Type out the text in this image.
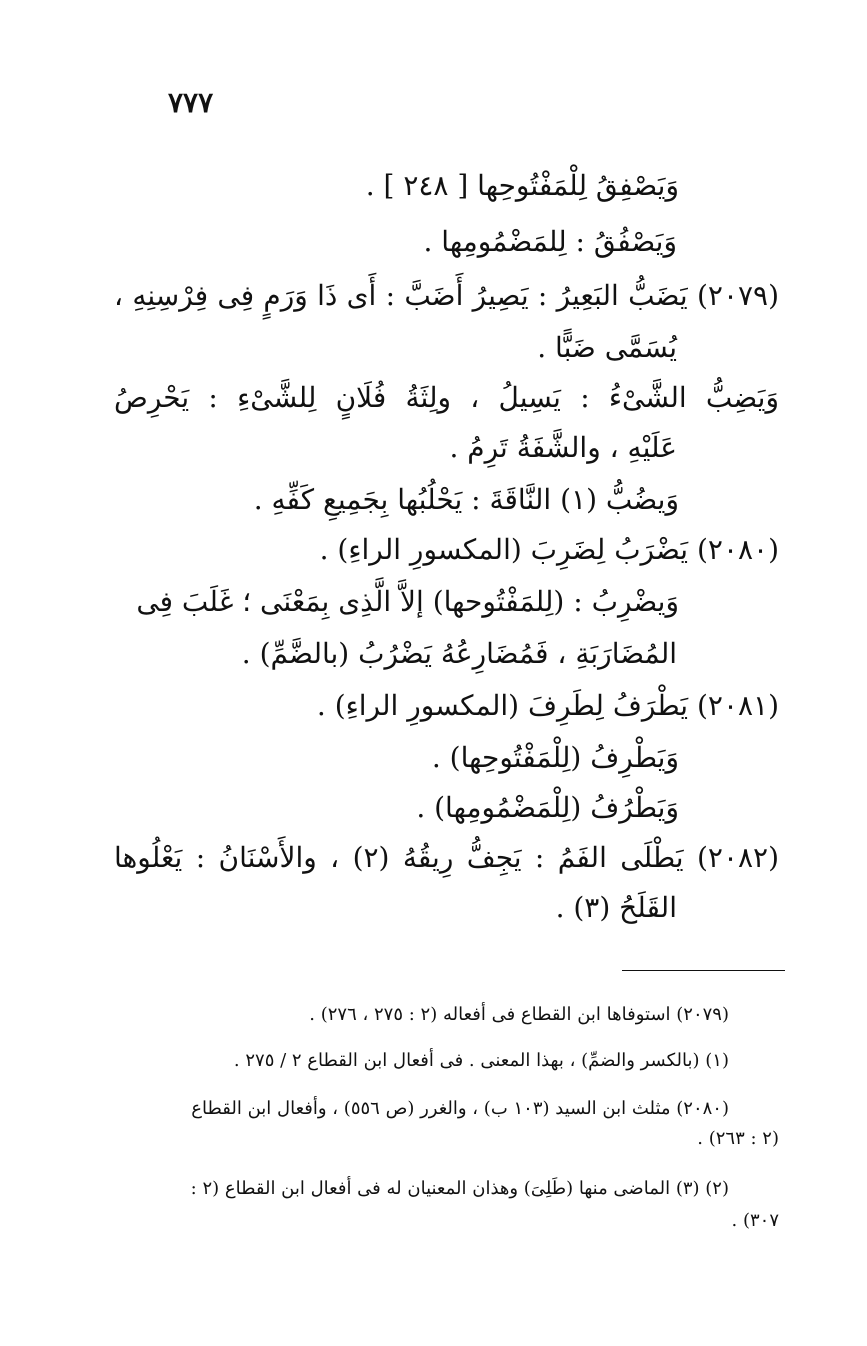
٧٧٧
وَيَصْفِقُ لِلْمَفْتُوحِها [ ٢٤٨ ] .
وَيَصْفُقُ : لِلمَضْمُومِها .
(٢٠٧٩) يَضَبُّ البَعِيرُ : يَصِيرُ أَضَبَّ : أَى ذَا وَرَمٍ فِى فِرْسِنِهِ ،
يُسَمَّى ضَبًّا .
وَيَضِبُّ الشَّىْءُ : يَسِيلُ ، ولِثَةُ فُلَانٍ لِلشَّىْءِ : يَحْرِصُ
عَلَيْهِ ، والشَّفَةُ تَرِمُ .
وَيضُبُّ (١) النَّاقَةَ : يَحْلُبُها بِجَمِيعِ كَفِّهِ .
(٢٠٨٠) يَضْرَبُ لِضَرِبَ (المكسورِ الراءِ) .
وَيضْرِبُ : (لِلمَفْتُوحها) إلاَّ الَّذِى بِمَعْنَى ؛ غَلَبَ فِى
المُضَارَبَةِ ، فَمُضَارِعُهُ يَضْرُبُ (بالضَّمِّ) .
(٢٠٨١) يَطْرَفُ لِطَرِفَ (المكسورِ الراءِ) .
وَيَطْرِفُ (لِلْمَفْتُوحِها) .
وَيَطْرُفُ (لِلْمَضْمُومِها) .
(٢٠٨٢) يَطْلَى الفَمُ : يَجِفُّ رِيقُهُ (٢) ، والأَسْنَانُ : يَعْلُوها
القَلَحُ (٣) .
(٢٠٧٩) استوفاها ابن القطاع فى أفعاله (٢ : ٢٧٥ ، ٢٧٦) .
(١) (بالكسر والضمِّ) ، بهذا المعنى . فى أفعال ابن القطاع ٢ / ٢٧٥ .
(٢٠٨٠) مثلث ابن السيد (١٠٣ ب) ، والغرر (ص ٥٥٦) ، وأفعال ابن القطاع
(٢ : ٢٦٣) .
(٢) (٣) الماضى منها (طَلِىَ) وهذان المعنيان له فى أفعال ابن القطاع (٢ :
٣٠٧) .
